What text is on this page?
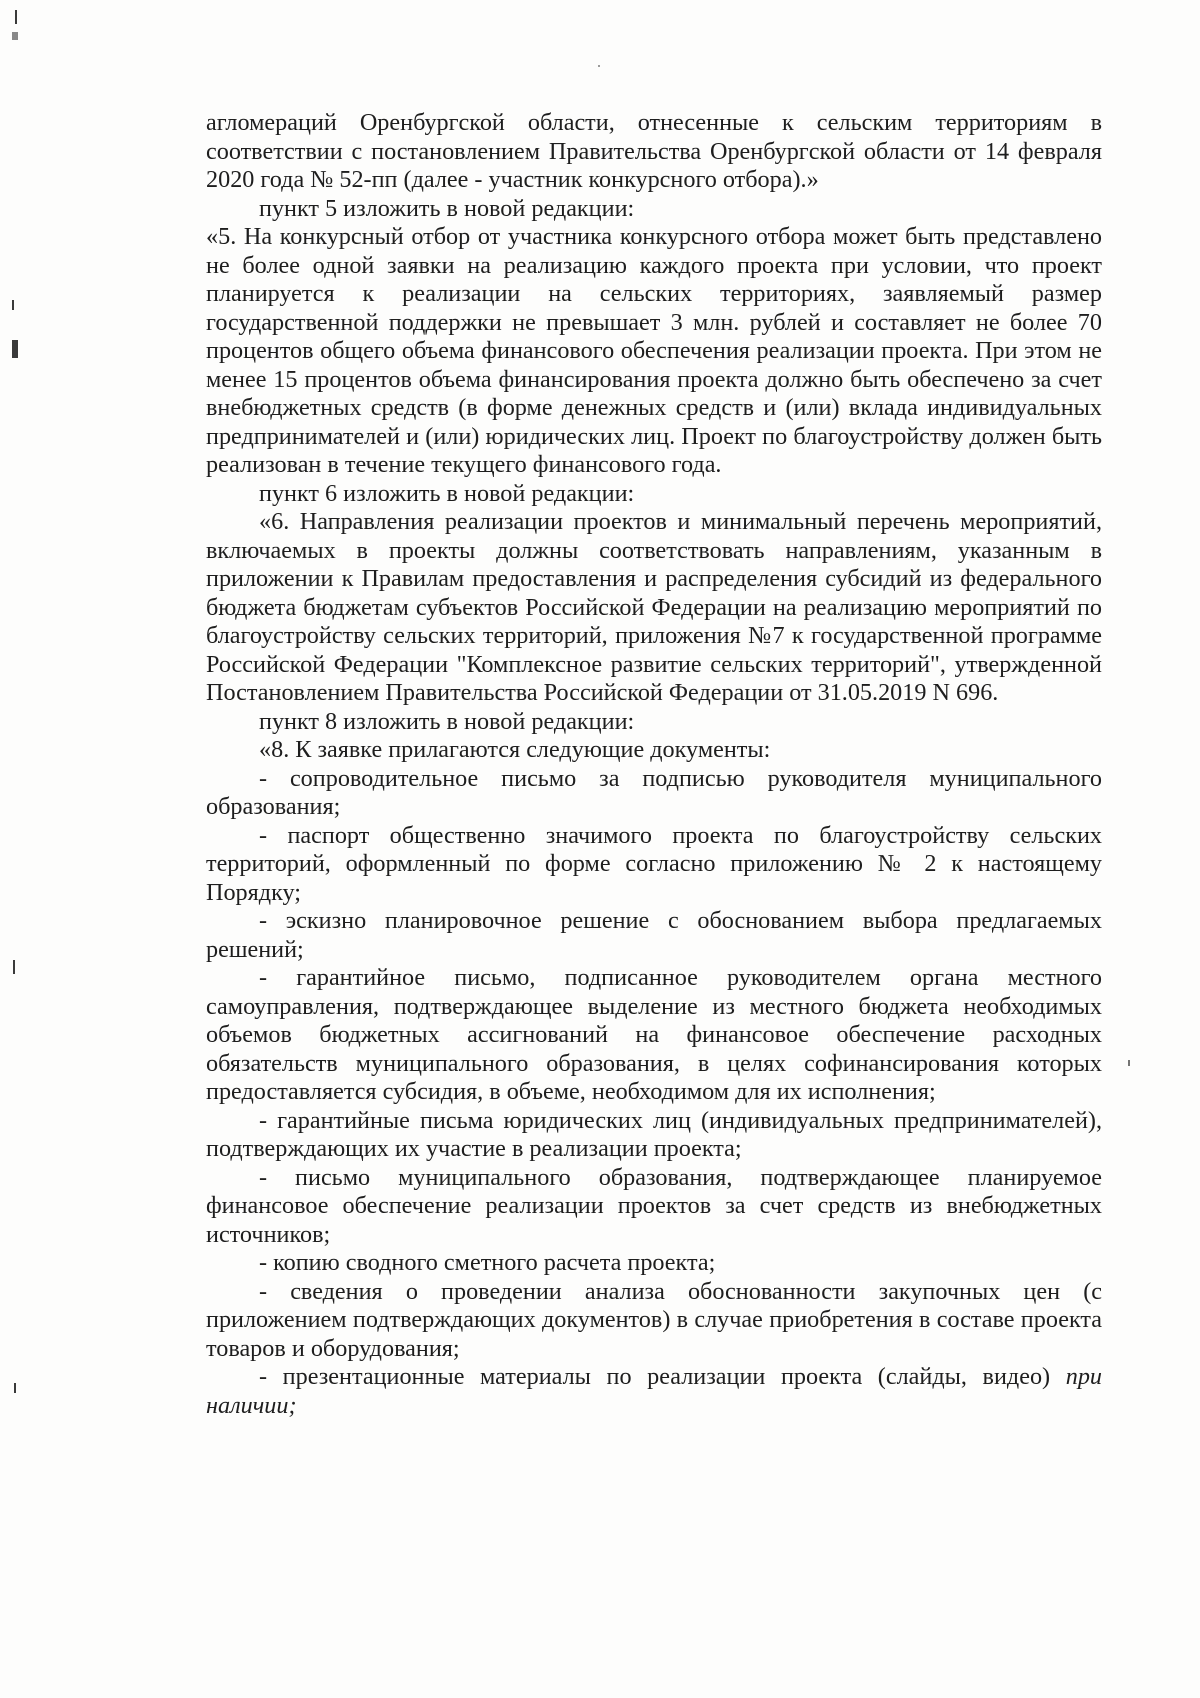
агломераций Оренбургской области, отнесенные к сельским территориям в соответствии с постановлением Правительства Оренбургской области от 14 февраля 2020 года № 52-пп (далее - участник конкурсного отбора).»

пункт 5 изложить в новой редакции:

«5. На конкурсный отбор от участника конкурсного отбора может быть представлено не более одной заявки на реализацию каждого проекта при условии, что проект планируется к реализации на сельских территориях, заявляемый размер государственной поддержки не превышает 3 млн. рублей и составляет не более 70 процентов общего объема финансового обеспечения реализации проекта. При этом не менее 15 процентов объема финансирования проекта должно быть обеспечено за счет внебюджетных средств (в форме денежных средств и (или) вклада индивидуальных предпринимателей и (или) юридических лиц. Проект по благоустройству должен быть реализован в течение текущего финансового года.

пункт 6 изложить в новой редакции:

«6. Направления реализации проектов и минимальный перечень мероприятий, включаемых в проекты должны соответствовать направлениям, указанным в приложении к Правилам предоставления и распределения субсидий из федерального бюджета бюджетам субъектов Российской Федерации на реализацию мероприятий по благоустройству сельских территорий, приложения №7 к государственной программе Российской Федерации "Комплексное развитие сельских территорий", утвержденной Постановлением Правительства Российской Федерации от 31.05.2019 N 696.

пункт 8 изложить в новой редакции:

«8. К заявке прилагаются следующие документы:

- сопроводительное письмо за подписью руководителя муниципального образования;

- паспорт общественно значимого проекта по благоустройству сельских территорий, оформленный по форме согласно приложению № 2 к настоящему Порядку;

- эскизно планировочное решение с обоснованием выбора предлагаемых решений;

- гарантийное письмо, подписанное руководителем органа местного самоуправления, подтверждающее выделение из местного бюджета необходимых объемов бюджетных ассигнований на финансовое обеспечение расходных обязательств муниципального образования, в целях софинансирования которых предоставляется субсидия, в объеме, необходимом для их исполнения;

- гарантийные письма юридических лиц (индивидуальных предпринимателей), подтверждающих их участие в реализации проекта;

- письмо муниципального образования, подтверждающее планируемое финансовое обеспечение реализации проектов за счет средств из внебюджетных источников;

- копию сводного сметного расчета проекта;

- сведения о проведении анализа обоснованности закупочных цен (с приложением подтверждающих документов) в случае приобретения в составе проекта товаров и оборудования;

- презентационные материалы по реализации проекта (слайды, видео) при наличии;
